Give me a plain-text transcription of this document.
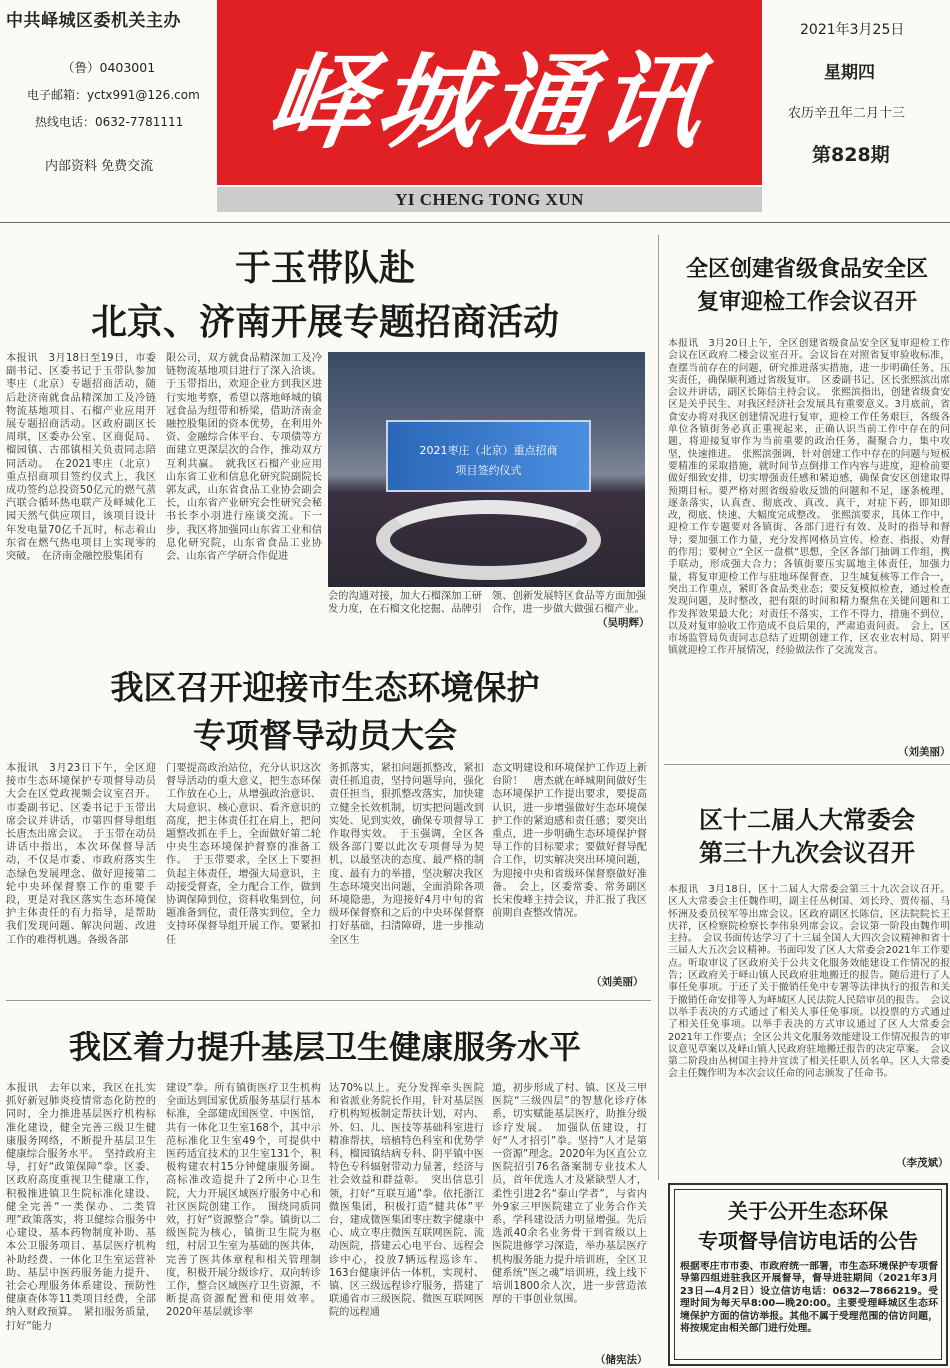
中共峄城区委机关主办
（鲁）0403001
电子邮箱：yctx991@126.com
热线电话：0632-7781111
内部资料 免费交流
峄城通讯
2021年3月25日
星期四
农历辛丑年二月十三
第828期
YI CHENG TONG XUN
于玉带队赴
北京、济南开展专题招商活动
本报讯　3月18日至19日，市委副书记、区委书记于玉带队参加枣庄（北京）专题招商活动，随后赴济南就食品精深加工及冷链物流基地项目、石榴产业应用开展专题招商活动。区政府副区长周琪，区委办公室、区商促局、榴园镇、古邵镇相关负责同志陪同活动。　在2021枣庄（北京）重点招商项目签约仪式上，我区成功签约总投资50亿元的燃气蒸汽联合循环热电联产及峄城化工园天然气供应项目，该项目设计年发电量70亿千瓦时，标志着山东省在燃气热电项目上实现零的突破。　在济南金融控股集团有
限公司，双方就食品精深加工及冷链物流基地项目进行了深入洽谈。于玉带指出，欢迎企业方到我区进行实地考察，希望以落地峄城的镇冠食品为纽带和桥梁，借助济南金融控股集团的资本优势，在利用外资、金融综合体平台、专项债等方面建立更深层次的合作，推动双方互利共赢。　就我区石榴产业应用山东省工业和信息化研究院副院长郭友武，山东省食品工业协会副会长，山东省产业研究会性研究会秘书长李小羽进行座谈交流。下一步，我区将加强同山东省工业和信息化研究院，山东省食品工业协会、山东省产学研合作促进
2021枣庄（北京）重点招商
项目签约仪式
会的沟通对接，加大石榴深加工研发力度，在石榴文化挖掘、品牌引领、创新发展特区食品等方面加强合作，进一步做大做强石榴产业。
（吴明辉）
我区召开迎接市生态环境保护
专项督导动员大会
本报讯　3月23日下午，全区迎接市生态环境保护专项督导动员大会在区党政视频会议室召开。市委副书记、区委书记于玉带出席会议并讲话，市第四督导组组长唐杰出席会议。　于玉带在动员讲话中指出，本次环保督导活动，不仅是市委、市政府落实生态绿色发展理念、做好迎接第二轮中央环保督察工作的重要手段，更是对我区落实生态环境保护主体责任的有力指导，是帮助我们发现问题、解决问题、改进工作的难得机遇。各级各部
门要提高政治站位，充分认识这次督导活动的重大意义，把生态环保工作放在心上，从增强政治意识、大局意识、核心意识、看齐意识的高度，把主体责任扛在肩上，把问题整改抓在手上，全面做好第二轮中央生态环境保护督察的准备工作。　于玉带要求，全区上下要担负起主体责任，增强大局意识，主动接受督查，全力配合工作，做到协调保障到位，资料收集到位，问题准备到位，责任落实到位，全力支持环保督导组开展工作。要紧扣任
务抓落实，紧扣问题抓整改，紧扣责任抓追责，坚持问题导向，强化责任担当，狠抓整改落实，加快建立健全长效机制，切实把问题改到实处、见到实效，确保专项督导工作取得实效。　于玉强调，全区各级各部门要以此次专项督导为契机，以最坚决的态度、最严格的制度、最有力的举措，坚决解决我区生态环境突出问题，全面消除各项环境隐患，为迎接好4月中旬的省级环保督察和之后的中央环保督察打好基础，扫清障碍，进一步推动全区生
态文明建设和环境保护工作迈上新台阶！　唐杰就在峄城期间做好生态环境保护工作提出要求，要提高认识，进一步增强做好生态环境保护工作的紧迫感和责任感；要突出重点，进一步明确生态环境保护督导工作的目标要求；要做好督导配合工作，切实解决突出环境问题，为迎接中央和省级环保督察做好准备。　会上，区委常委、常务副区长宋俊峰主持会议，并汇报了我区前期自查整改情况。
（刘美丽）
我区着力提升基层卫生健康服务水平
本报讯　去年以来，我区在扎实抓好新冠肺炎疫情常态化防控的同时，全力推进基层医疗机构标准化建设，健全完善三级卫生健康服务网络，不断提升基层卫生健康综合服务水平。　坚持政府主导，打好“政策保障”拳。区委、区政府高度重视卫生健康工作，积极推进镇卫生院标准化建设、健全完善“一类保办、二类管理”政策落实，将卫健综合服务中心建设、基本药物制度补助、基本公卫服务项目、基层医疗机构补助经费、一体化卫生室运营补助、基层中医药服务能力提升、社会心理服务体系建设、预防性健康查体等11类项目经费，全部纳入财政预算。　紧扣服务质量，打好“能力
建设”拳。所有镇街医疗卫生机构全面达到国家优质服务基层行基本标准，全部建成国医堂、中医馆，共有一体化卫生室168个，其中示范标准化卫生室49个，可提供中医药适宜技术的卫生室131个，积极构建农村15分钟健康服务圈。高标准改造提升了2所中心卫生院，大力开展区域医疗服务中心和社区医院创建工作。　围绕同质同效，打好“资源整合”拳。镇街以二级医院为核心，镇街卫生院为枢纽，村居卫生室为基础的医共体，完善了医共体章程和相关管理制度，积极开展分级诊疗、双向转诊工作，整合区域医疗卫生资源，不断提高资源配置和使用效率。2020年基层就诊率
达70%以上。充分发挥牵头医院和省派业务院长作用，针对基层医疗机构短板制定帮扶计划，对内、外、妇、儿、医技等基础科室进行精准帮扶，培植特色科室和优势学科，榴园镇结病专科、阴平镇中医特色专科辐射带动力显著，经济与社会效益和群益彰。　突出信息引领，打好“互联互通”拳。依托浙江微医集团，积极打造“健共体”平台，建成微医集团枣庄数字健康中心、成立枣庄微医互联网医院、流动医院，搭建云心电平台、远程会诊中心，投放7辆远程巡诊车、163台健康评估一体机，实现村、镇、区三级远程诊疗服务，搭建了联通省市三级医院、微医互联网医院的远程通
道，初步形成了村、镇、区及三甲医院“三级四层”的智慧化诊疗体系，切实赋能基层医疗，助推分级诊疗发展。　加强队伍建设，打好“人才招引”拳。坚持“人才是第一资源”理念。2020年为区直公立医院招引76名备案制专业技术人员，首年优选人才及紧缺型人才，柔性引进2名“泰山学者”，与省内外9家三甲医院建立了业务合作关系，学科建设活力明显增强。先后选派40余名业务骨干到省级以上医院进修学习深造，举办基层医疗机构服务能力提升培训班，全区卫健系统“医之魂”培训班，线上线下培训1800余人次，进一步营造浓厚的干事创业氛围。
（储宪法）
全区创建省级食品安全区
复审迎检工作会议召开
本报讯　3月20日上午，全区创建省级食品安全区复审迎检工作会议在区政府二楼会议室召开。会议旨在对照省复审验收标准，查摆当前存在的问题，研究推进落实措施，进一步明确任务、压实责任，确保顺利通过省级复审。　区委副书记、区长张熙滨出席会议并讲话，副区长陈信主持会议。　张熙滨指出，创建省级食安区是关乎民生、对我区经济社会发展具有重要意义。3月底前，省食安办将对我区创建情况进行复审，迎检工作任务艰巨，各级各单位各镇街务必真正重视起来，正确认识当前工作中存在的问题，将迎接复审作为当前重要的政治任务，凝聚合力，集中攻坚，快速推进。　张熙滨强调，针对创建工作中存在的问题与短板要精准的采取措施，就时间节点倒排工作内容与进度，迎检前要做好细致安排，切实增强责任感和紧迫感，确保食安区创建取得预期目标。要严格对照省级验收反馈的问题和不足，逐条梳理、逐条落实，认真查、彻底改、真改、真干，对症下药，即知即改，彻底、快速、大幅度完成整改。　张熙滨要求，具体工作中，迎检工作专题要对各镇街、各部门进行有效、及时的指导和督导；要加强工作力量，充分发挥网格员宣传、检查、指报、劝督的作用；要树立“全区一盘棋”思想，全区各部门抽调工作组，携手联动，形成强大合力；各镇街要压实属地主体责任，加强力量，将复审迎检工作与驻地环保督查、卫生城复核等工作合一，突出工作重点，紧盯各食品类业态；要反复模拟检查，通过检查发现问题，及时整改，把有限的时间和精力聚焦在关键问题和工作发挥效果最大化；对责任不落实，工作不得力，措施不到位，以及对复审验收工作造成不良后果的，严肃追责问责。　会上，区市场监管局负责同志总结了近期创建工作，区农业农村局、阴平镇就迎检工作开展情况，经验做法作了交流发言。
（刘美丽）
区十二届人大常委会
第三十九次会议召开
本报讯　3月18日，区十二届人大常委会第三十九次会议召开。区人大常委会主任魏作明，副主任丛树国、刘长玲、贾传福、马怀洲及委员侯军等出席会议。区政府副区长陈信，区法院院长王庆祥，区检察院检察长李伟泉列席会议。会议第一阶段由魏作明主持。　会议书面传达学习了十三届全国人大四次会议精神和省十三届人大五次会议精神。书面印发了区人大常委会2021年工作要点。听取审议了区政府关于公共文化服务效能建设工作情况的报告；区政府关于峄山镇人民政府驻地搬迁的报告。随后进行了人事任免事项。于还了关于撤销任免中专署等法律执行的报告和关于撤销任命安排等人为峄城区人民法院人民陪审员的报告。　会议以举手表决的方式通过了相关人事任免事项。以投票的方式通过了相关任免事项。以举手表决的方式审议通过了区人大常委会2021年工作要点；全区公共文化服务效能建设工作情况报告的审议意见草案以及峄山镇人民政府驻地搬迁报告的决定草案。　会议第二阶段由丛树国主持并宣读了相关任职人员名单。区人大常委会主任魏作明为本次会议任命的同志颁发了任命书。
（李茂斌）
关于公开生态环保
专项督导信访电话的公告
根据枣庄市市委、市政府统一部署，市生态环境保护专项督导第四组进驻我区开展督导，督导进驻期间（2021年3月23日—4月2日）设立信访电话：0632—7866219。受理时间为每天早8:00—晚20:00。主要受理峄城区生态环境保护方面的信访举报。其他不属于受理范围的信访问题，将按规定由相关部门进行处理。
